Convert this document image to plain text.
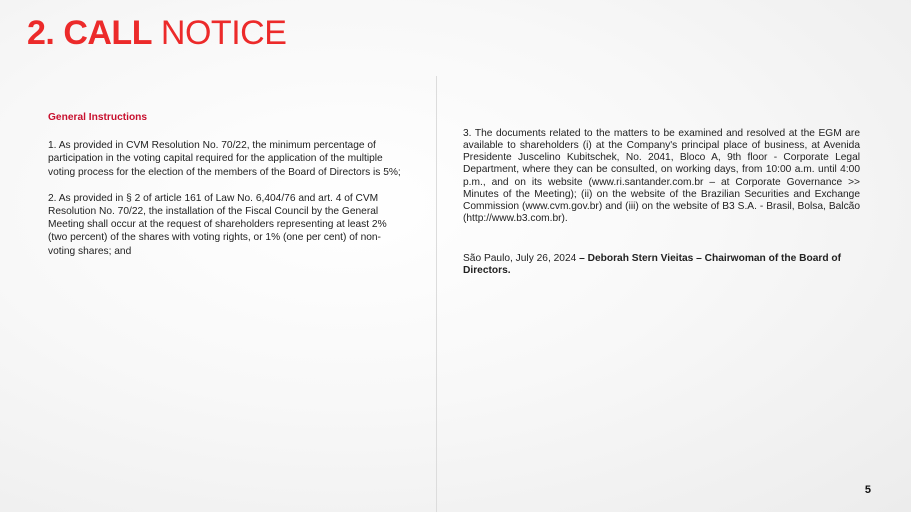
2. CALL NOTICE
General Instructions

1. As provided in CVM Resolution No. 70/22, the minimum percentage of participation in the voting capital required for the application of the multiple voting process for the election of the members of the Board of Directors is 5%;

2. As provided in § 2 of article 161 of Law No. 6,404/76 and art. 4 of CVM Resolution No. 70/22, the installation of the Fiscal Council by the General Meeting shall occur at the request of shareholders representing at least 2% (two percent) of the shares with voting rights, or 1% (one per cent) of non-voting shares; and

3. The documents related to the matters to be examined and resolved at the EGM are available to shareholders (i) at the Company's principal place of business, at Avenida Presidente Juscelino Kubitschek, No. 2041, Bloco A, 9th floor - Corporate Legal Department, where they can be consulted, on working days, from 10:00 a.m. until 4:00 p.m., and on its website (www.ri.santander.com.br – at Corporate Governance >> Minutes of the Meeting); (ii) on the website of the Brazilian Securities and Exchange Commission (www.cvm.gov.br) and (iii) on the website of B3 S.A. - Brasil, Bolsa, Balcão (http://www.b3.com.br).

São Paulo, July 26, 2024 – Deborah Stern Vieitas – Chairwoman of the Board of Directors.

5
